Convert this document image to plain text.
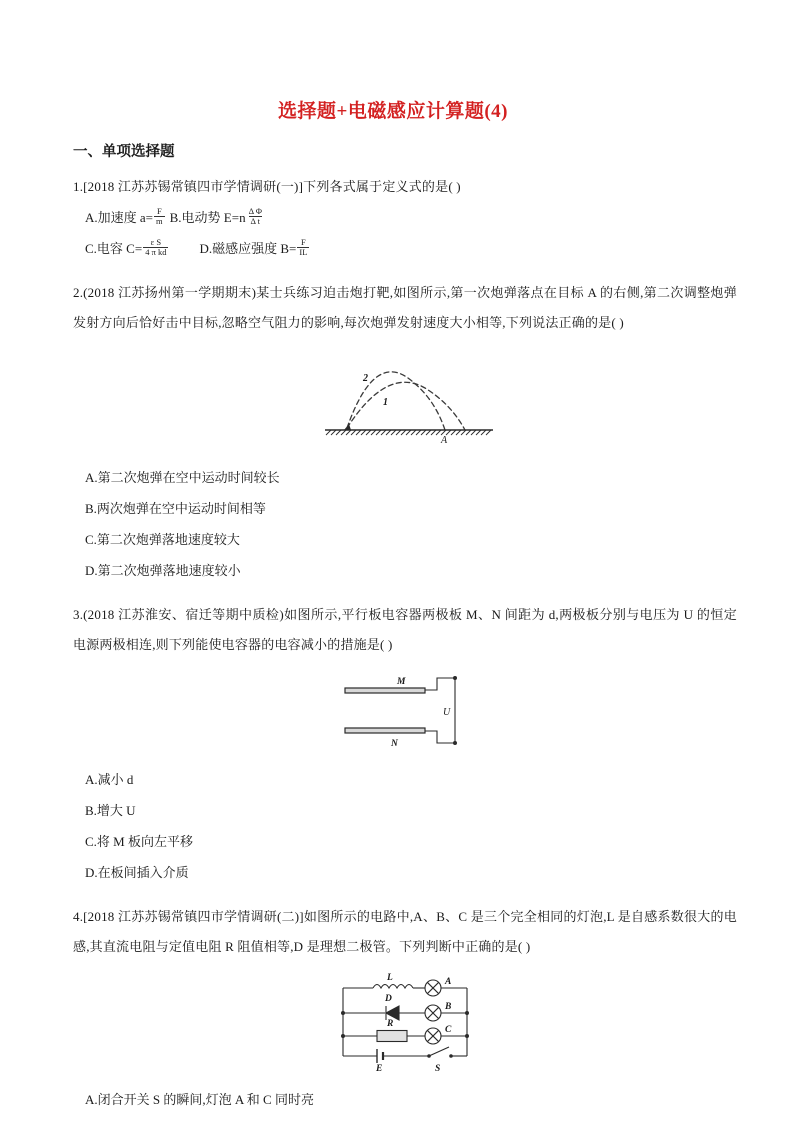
选择题+电磁感应计算题(4)
一、单项选择题
1.[2018 江苏苏锡常镇四市学情调研(一)]下列各式属于定义式的是( )
A.加速度 $a= \frac{F}{m} B$.电动势 $E=n \frac{\text{Δ Φ}}{\text{Δ t}}$
C.电容 $C= \frac{\text{ε S}}{\text{4 π kd}} D$.磁感应强度 $B= \frac{F}{IL}$
2.(2018 江苏扬州第一学期期末)某士兵练习迫击炮打靶,如图所示,第一次炮弹落点在目标 A 的右侧,第二次调整炮弹发射方向后恰好击中目标,忽略空气阻力的影响,每次炮弹发射速度大小相等,下列说法正确的是( )
2
1
A
A.第二次炮弹在空中运动时间较长
B.两次炮弹在空中运动时间相等
C.第二次炮弹落地速度较大
D.第二次炮弹落地速度较小
3.(2018 江苏淮安、宿迁等期中质检)如图所示,平行板电容器两极板 M、N 间距为 d,两极板分别与电压为 U 的恒定电源两极相连,则下列能使电容器的电容减小的措施是( )
M
N
U
A.减小 d
B.增大 U
C.将 M 板向左平移
D.在板间插入介质
4.[2018 江苏苏锡常镇四市学情调研(二)]如图所示的电路中,A、B、C 是三个完全相同的灯泡,L 是自感系数很大的电感,其直流电阻与定值电阻 R 阻值相等,D 是理想二极管。下列判断中正确的是( )
L	A
D
B
R
C
E	S
A.闭合开关 S 的瞬间,灯泡 A 和 C 同时亮
